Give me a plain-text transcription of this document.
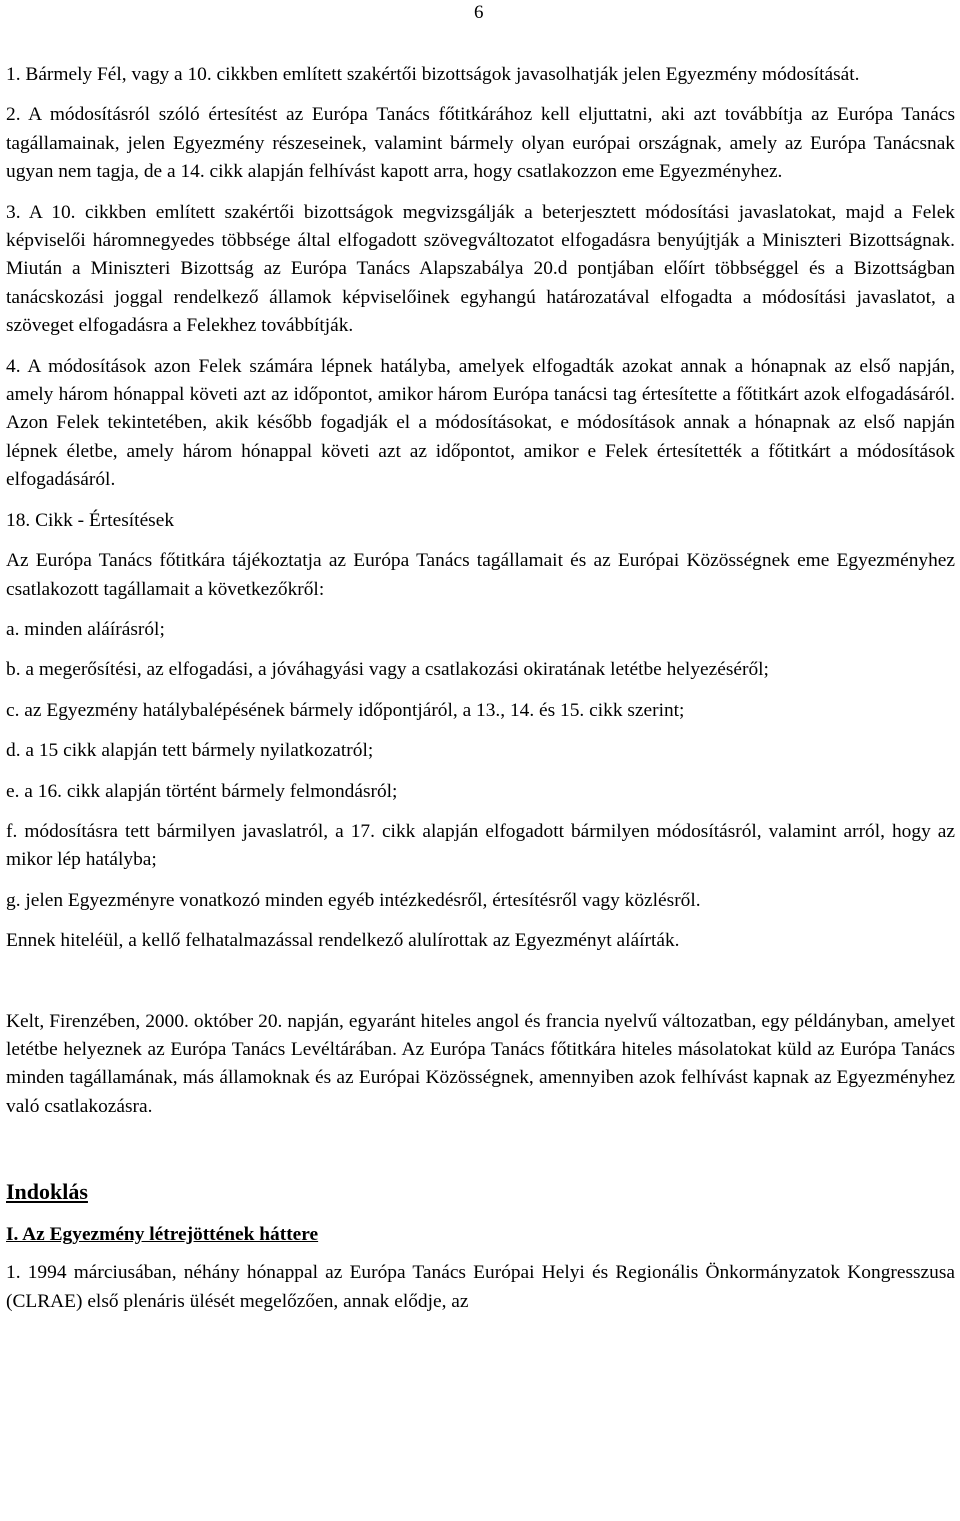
6

1. Bármely Fél, vagy a 10. cikkben említett szakértői bizottságok javasolhatják jelen Egyezmény módosítását.

2. A módosításról szóló értesítést az Európa Tanács főtitkárához kell eljuttatni, aki azt továbbítja az Európa Tanács tagállamainak, jelen Egyezmény részeseinek, valamint bármely olyan európai országnak, amely az Európa Tanácsnak ugyan nem tagja, de a 14. cikk alapján felhívást kapott arra, hogy csatlakozzon eme Egyezményhez.

3. A 10. cikkben említett szakértői bizottságok megvizsgálják a beterjesztett módosítási javaslatokat, majd a Felek képviselői háromnegyedes többsége által elfogadott szövegváltozatot elfogadásra benyújtják a Miniszteri Bizottságnak. Miután a Miniszteri Bizottság az Európa Tanács Alapszabálya 20.d pontjában előírt többséggel és a Bizottságban tanácskozási joggal rendelkező államok képviselőinek egyhangú határozatával elfogadta a módosítási javaslatot, a szöveget elfogadásra a Felekhez továbbítják.

4. A módosítások azon Felek számára lépnek hatályba, amelyek elfogadták azokat annak a hónapnak az első napján, amely három hónappal követi azt az időpontot, amikor három Európa tanácsi tag értesítette a főtitkárt azok elfogadásáról. Azon Felek tekintetében, akik később fogadják el a módosításokat, e módosítások annak a hónapnak az első napján lépnek életbe, amely három hónappal követi azt az időpontot, amikor e Felek értesítették a főtitkárt a módosítások elfogadásáról.

18. Cikk - Értesítések

Az Európa Tanács főtitkára tájékoztatja az Európa Tanács tagállamait és az Európai Közösségnek eme Egyezményhez csatlakozott tagállamait a következőkről:

a. minden aláírásról;

b. a megerősítési, az elfogadási, a jóváhagyási vagy a csatlakozási okiratának letétbe helyezéséről;

c. az Egyezmény hatálybalépésének bármely időpontjáról, a 13., 14. és 15. cikk szerint;

d. a 15 cikk alapján tett bármely nyilatkozatról;

e. a 16. cikk alapján történt bármely felmondásról;

f. módosításra tett bármilyen javaslatról, a 17. cikk alapján elfogadott bármilyen módosításról, valamint arról, hogy az mikor lép hatályba;

g. jelen Egyezményre vonatkozó minden egyéb intézkedésről, értesítésről vagy közlésről.

Ennek hiteléül, a kellő felhatalmazással rendelkező alulírottak az Egyezményt aláírták.

Kelt, Firenzében, 2000. október 20. napján, egyaránt hiteles angol és francia nyelvű változatban, egy példányban, amelyet letétbe helyeznek az Európa Tanács Levéltárában. Az Európa Tanács főtitkára hiteles másolatokat küld az Európa Tanács minden tagállamának, más államoknak és az Európai Közösségnek, amennyiben azok felhívást kapnak az Egyezményhez való csatlakozásra.

Indoklás
I. Az Egyezmény létrejöttének háttere

1. 1994 márciusában, néhány hónappal az Európa Tanács Európai Helyi és Regionális Önkormányzatok Kongresszusa (CLRAE) első plenáris ülését megelőzően, annak elődje, az
